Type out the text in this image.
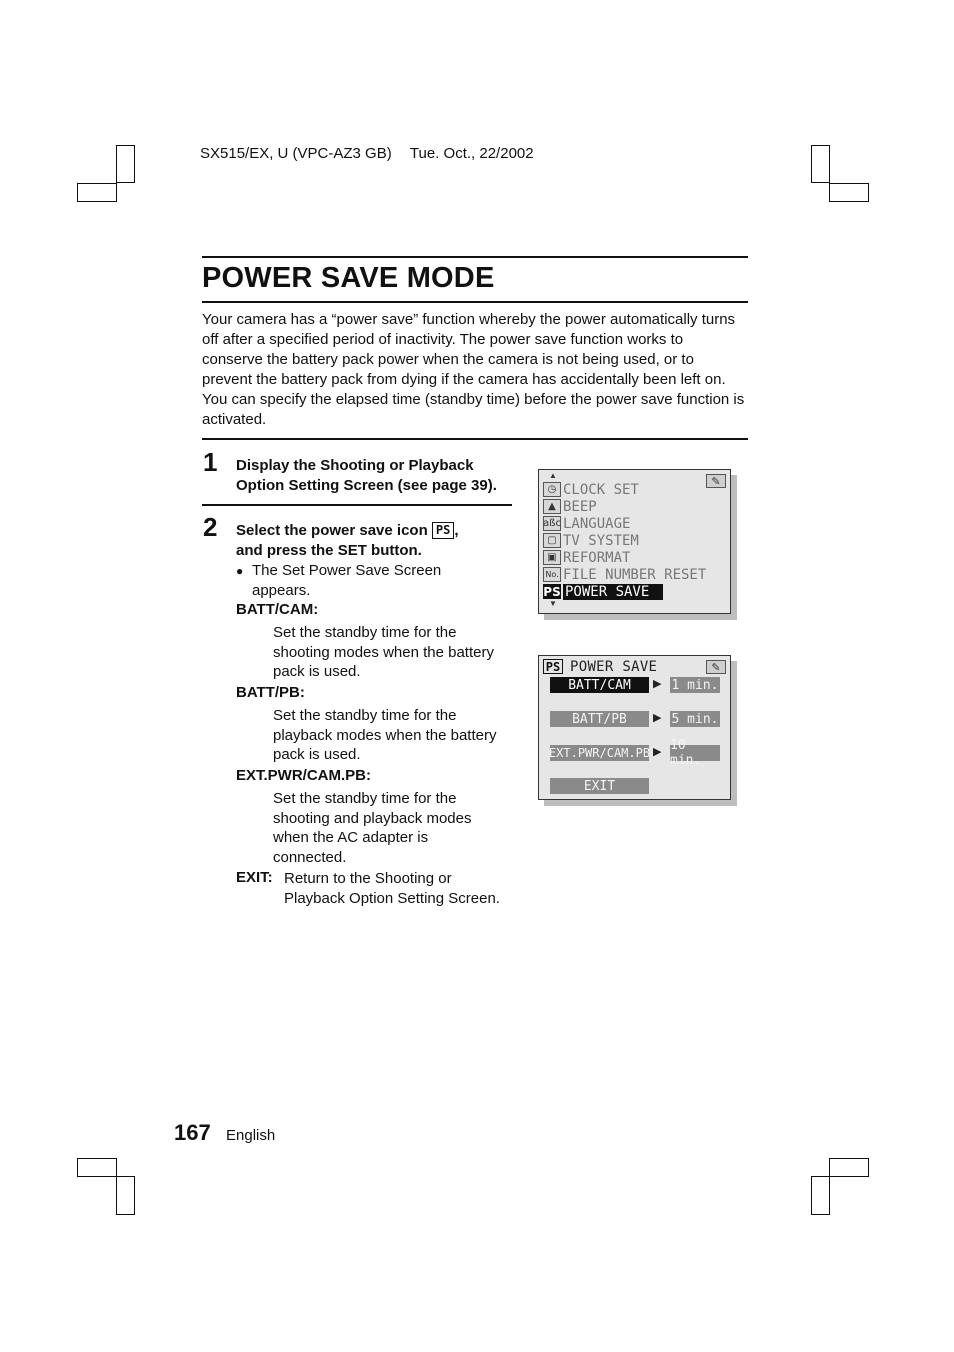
SX515/EX, U (VPC-AZ3 GB) Tue. Oct., 22/2002
POWER SAVE MODE
Your camera has a “power save” function whereby the power automatically turns off after a specified period of inactivity. The power save function works to conserve the battery pack power when the camera is not being used, or to prevent the battery pack from dying if the camera has accidentally been left on. You can specify the elapsed time (standby time) before the power save function is activated.
1 Display the Shooting or Playback Option Setting Screen (see page 39).
2 Select the power save icon PS ,
and press the SET button.
● The Set Power Save Screen appears.
BATT/CAM:
Set the standby time for the shooting modes when the battery pack is used.
BATT/PB:
Set the standby time for the playback modes when the battery pack is used.
EXT.PWR/CAM.PB:
Set the standby time for the shooting and playback modes when the AC adapter is connected.
EXIT: Return to the Shooting or Playback Option Setting Screen.
▲	✎
◷ CLOCK SET
▲ BEEP
aßc LANGUAGE
▢ TV SYSTEM
▣ REFORMAT
No. FILE NUMBER RESET
PS POWER SAVE
▼
PS POWER SAVE	✎
BATT/CAM	▶ 1 min.
BATT/PB	▶ 5 min.
EXT.PWR/CAM.PB ▶ 10 min.
EXIT
167 English
